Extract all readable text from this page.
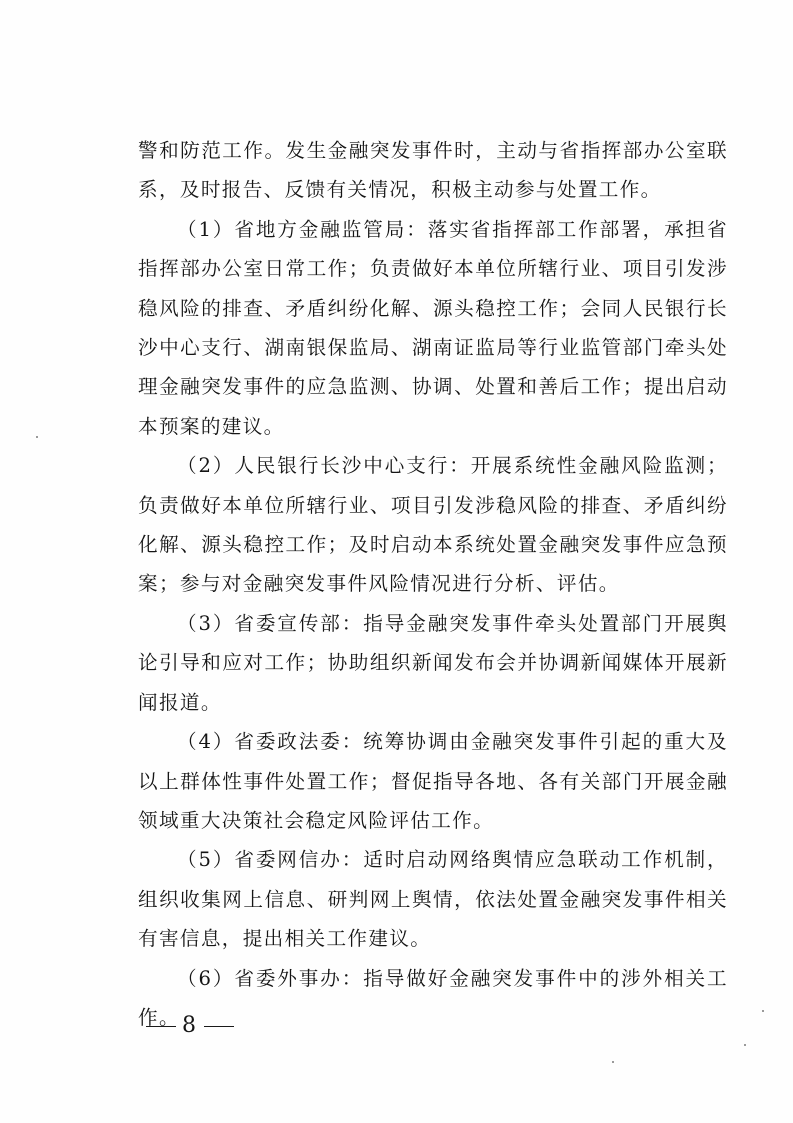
警和防范工作。发生金融突发事件时，主动与省指挥部办公室联系，及时报告、反馈有关情况，积极主动参与处置工作。

（1）省地方金融监管局：落实省指挥部工作部署，承担省指挥部办公室日常工作；负责做好本单位所辖行业、项目引发涉稳风险的排查、矛盾纠纷化解、源头稳控工作；会同人民银行长沙中心支行、湖南银保监局、湖南证监局等行业监管部门牵头处理金融突发事件的应急监测、协调、处置和善后工作；提出启动本预案的建议。

（2）人民银行长沙中心支行：开展系统性金融风险监测；负责做好本单位所辖行业、项目引发涉稳风险的排查、矛盾纠纷化解、源头稳控工作；及时启动本系统处置金融突发事件应急预案；参与对金融突发事件风险情况进行分析、评估。

（3）省委宣传部：指导金融突发事件牵头处置部门开展舆论引导和应对工作；协助组织新闻发布会并协调新闻媒体开展新闻报道。

（4）省委政法委：统筹协调由金融突发事件引起的重大及以上群体性事件处置工作；督促指导各地、各有关部门开展金融领域重大决策社会稳定风险评估工作。

（5）省委网信办：适时启动网络舆情应急联动工作机制，组织收集网上信息、研判网上舆情，依法处置金融突发事件相关有害信息，提出相关工作建议。

（6）省委外事办：指导做好金融突发事件中的涉外相关工作。 8
